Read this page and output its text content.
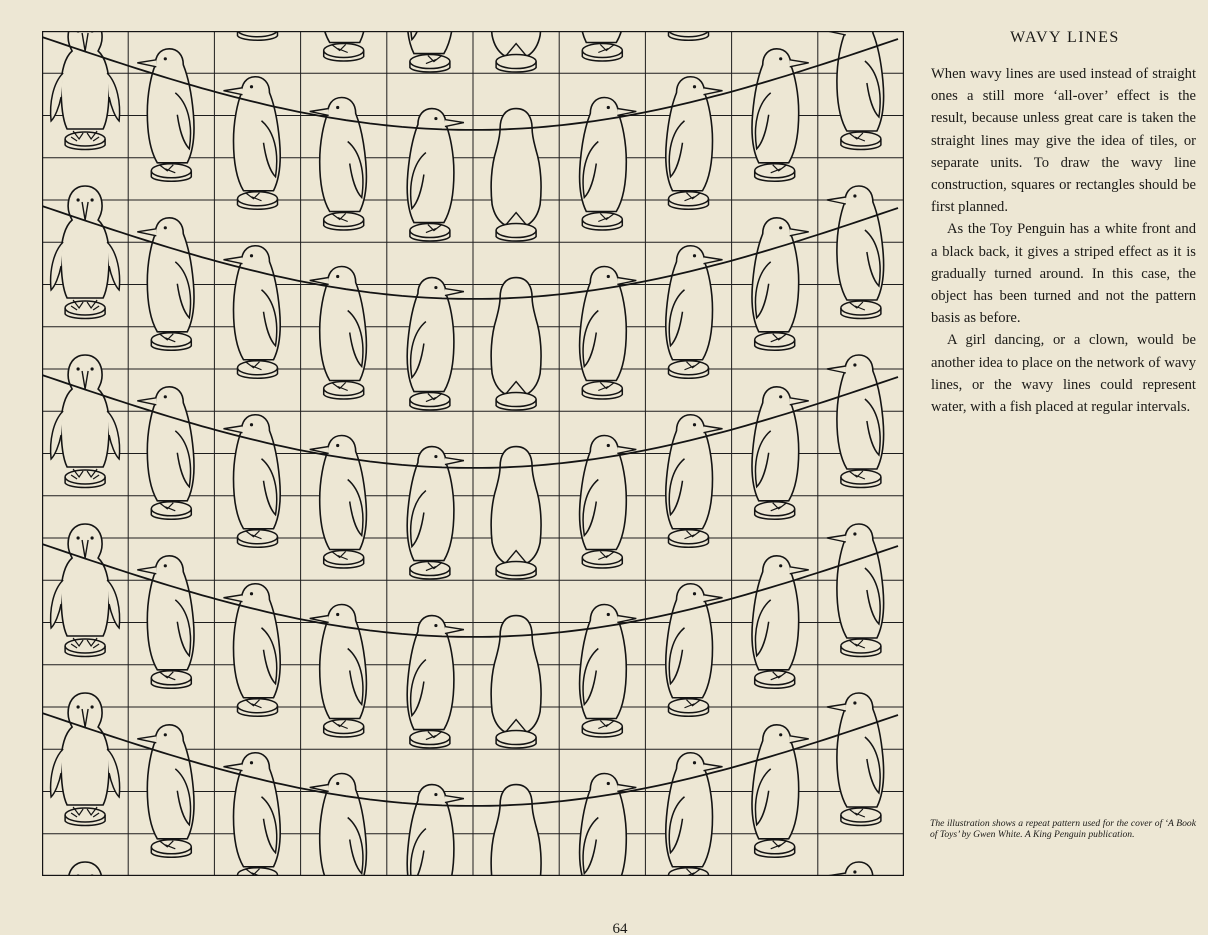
WAVY LINES

When wavy lines are used instead of straight ones a still more ‘all-over’ effect is the result, because unless great care is taken the straight lines may give the idea of tiles, or separate units. To draw the wavy line construction, squares or rectangles should be first planned.

As the Toy Penguin has a white front and a black back, it gives a striped effect as it is gradually turned around. In this case, the object has been turned and not the pattern basis as before.

A girl dancing, or a clown, would be another idea to place on the network of wavy lines, or the wavy lines could represent water, with a fish placed at regular intervals.

The illustration shows a repeat pattern used for the cover of ‘A Book of Toys’ by Gwen White. A King Penguin publication.
64
